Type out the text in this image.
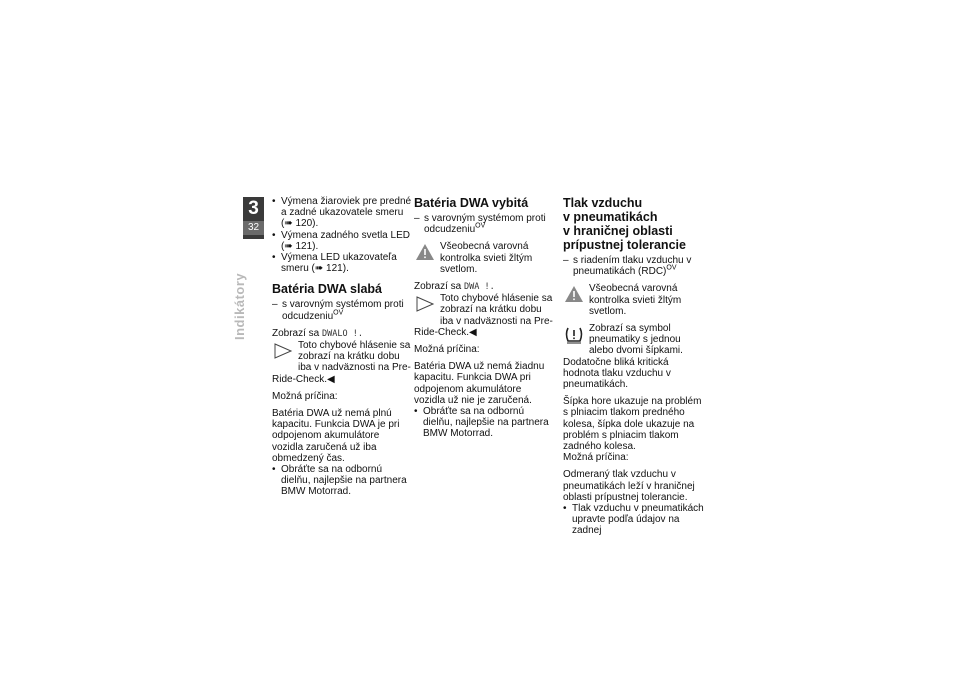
3
32
Indikátory

• Výmena žiaroviek pre predné a zadné ukazovatele smeru (➠ 120).

• Výmena zadného svetla LED (➠ 121).

• Výmena LED ukazovateľa smeru (➠ 121).

Batéria DWA slabá

– s varovným systémom proti odcudzeniu$^{OV}$

Zobrazí sa DWALO !.

Toto chybové hlásenie sa zobrazí na krátku dobu iba v nadväznosti na Pre-Ride-Check.◀

Možná príčina:

Batéria DWA už nemá plnú kapacitu. Funkcia DWA je pri odpojenom akumulátore vozidla zaručená už iba obmedzený čas.

• Obráťte sa na odbornú dielňu, najlepšie na partnera BMW Motorrad.

Batéria DWA vybitá

– s varovným systémom proti odcudzeniu$^{OV}$

Všeobecná varovná kontrolka svieti žltým svetlom.

Zobrazí sa DWA !.

Toto chybové hlásenie sa zobrazí na krátku dobu iba v nadväznosti na Pre-Ride-Check.◀

Možná príčina:

Batéria DWA už nemá žiadnu kapacitu. Funkcia DWA pri odpojenom akumulátore vozidla už nie je zaručená.

• Obráťte sa na odbornú dielňu, najlepšie na partnera BMW Motorrad.

Tlak vzduchu
v pneumatikách
v hraničnej oblasti
prípustnej tolerancie

– s riadením tlaku vzduchu v pneumatikách (RDC)$^{OV}$

Všeobecná varovná kontrolka svieti žltým svetlom.

Zobrazí sa symbol pneumatiky s jednou alebo dvomi šípkami. Dodatočne bliká kritická hodnota tlaku vzduchu v pneumatikách.

Šípka hore ukazuje na problém s plniacim tlakom predného kolesa, šípka dole ukazuje na problém s plniacim tlakom zadného kolesa.

Možná príčina:

Odmeraný tlak vzduchu v pneumatikách leží v hraničnej oblasti prípustnej tolerancie.

• Tlak vzduchu v pneumatikách upravte podľa údajov na zadnej
